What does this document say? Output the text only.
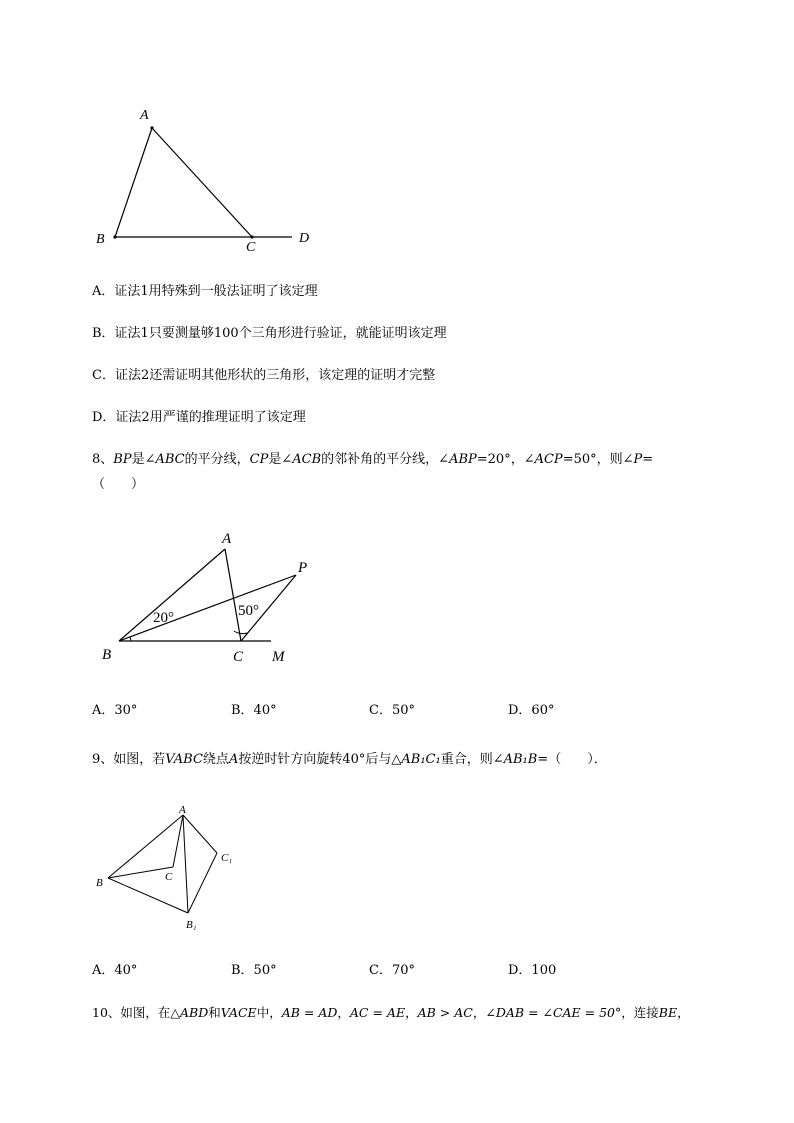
A
B
C
D
A．证法1用特殊到一般法证明了该定理
B．证法1只要测量够100个三角形进行验证，就能证明该定理
C．证法2还需证明其他形状的三角形，该定理的证明才完整
D．证法2用严谨的推理证明了该定理
8、BP是∠ABC的平分线，CP是∠ACB的邻补角的平分线，∠ABP=20°，∠ACP=50°，则∠P=
（　　）
A
P
B	C M
20°	50°
A．30°	B．40°	C．50°	D．60°
9、如图，若VABC绕点A按逆时针方向旋转40°后与△AB₁C₁重合，则∠AB₁B=（　　）．
A
B	C
C₁
B₁
A．40°	B．50°	C．70°	D．100
10、如图，在△ABD和VACE中，AB = AD，AC = AE，AB > AC，∠DAB = ∠CAE = 50°，连接BE，
